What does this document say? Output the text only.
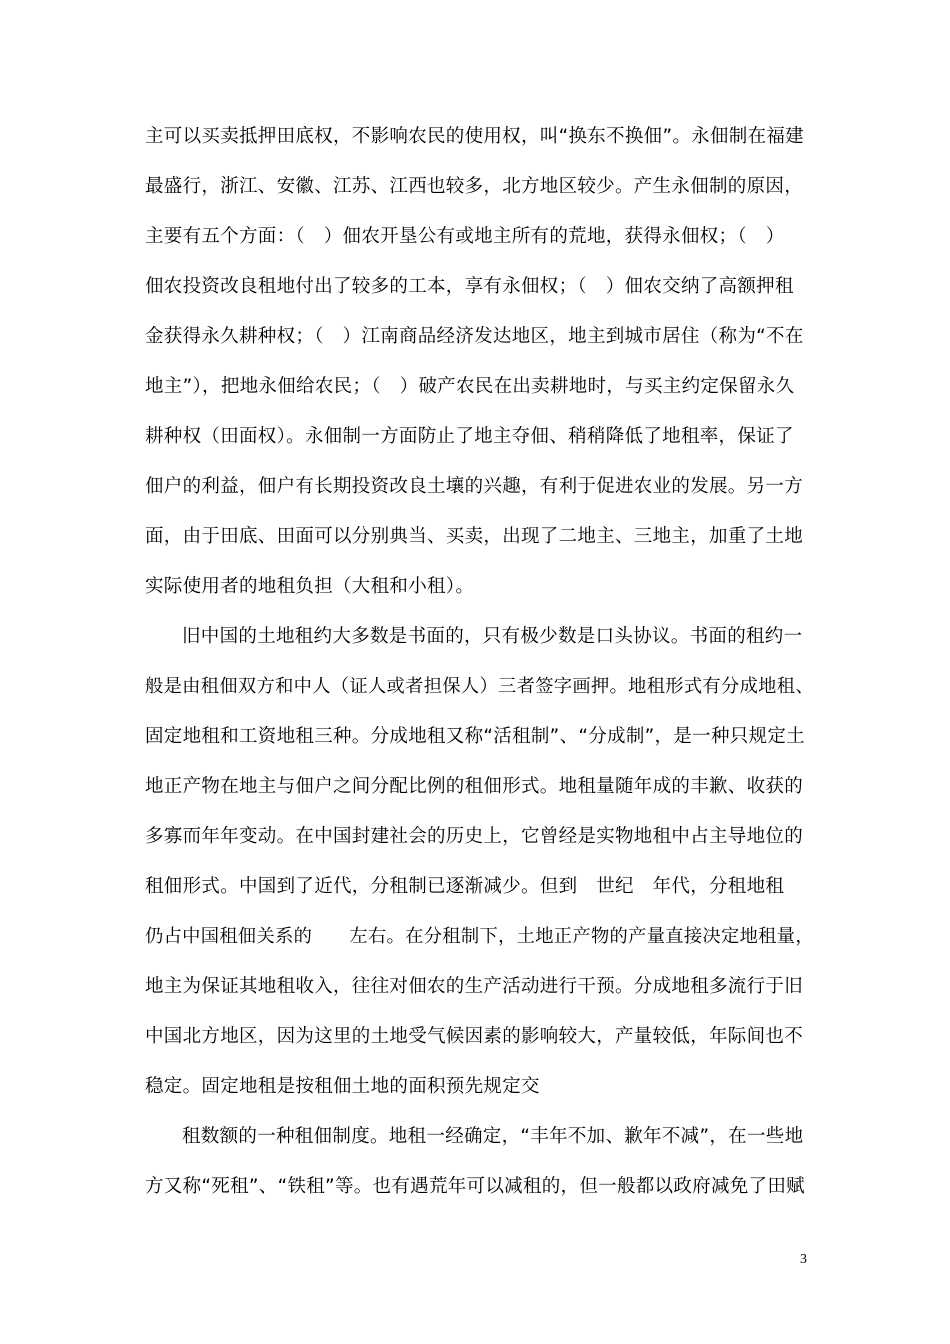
主可以买卖抵押田底权，不影响农民的使用权，叫“换东不换佃”。永佃制在福建
最盛行，浙江、安徽、江苏、江西也较多，北方地区较少。产生永佃制的原因，
主要有五个方面：（　）佃农开垦公有或地主所有的荒地，获得永佃权；（　）
佃农投资改良租地付出了较多的工本，享有永佃权；（　）佃农交纳了高额押租
金获得永久耕种权；（　）江南商品经济发达地区，地主到城市居住（称为“不在
地主”），把地永佃给农民；（　）破产农民在出卖耕地时，与买主约定保留永久
耕种权（田面权）。永佃制一方面防止了地主夺佃、稍稍降低了地租率，保证了
佃户的利益，佃户有长期投资改良土壤的兴趣，有利于促进农业的发展。另一方
面，由于田底、田面可以分别典当、买卖，出现了二地主、三地主，加重了土地
实际使用者的地租负担（大租和小租）。
旧中国的土地租约大多数是书面的，只有极少数是口头协议。书面的租约一
般是由租佃双方和中人（证人或者担保人）三者签字画押。地租形式有分成地租、
固定地租和工资地租三种。分成地租又称“活租制”、“分成制”，是一种只规定土
地正产物在地主与佃户之间分配比例的租佃形式。地租量随年成的丰歉、收获的
多寡而年年变动。在中国封建社会的历史上，它曾经是实物地租中占主导地位的
租佃形式。中国到了近代，分租制已逐渐减少。但到　世纪　年代，分租地租
仍占中国租佃关系的　　左右。在分租制下，土地正产物的产量直接决定地租量，
地主为保证其地租收入，往往对佃农的生产活动进行干预。分成地租多流行于旧
中国北方地区，因为这里的土地受气候因素的影响较大，产量较低，年际间也不
稳定。固定地租是按租佃土地的面积预先规定交
租数额的一种租佃制度。地租一经确定，“丰年不加、歉年不减”，在一些地
方又称“死租”、“铁租”等。也有遇荒年可以减租的，但一般都以政府减免了田赋
3
